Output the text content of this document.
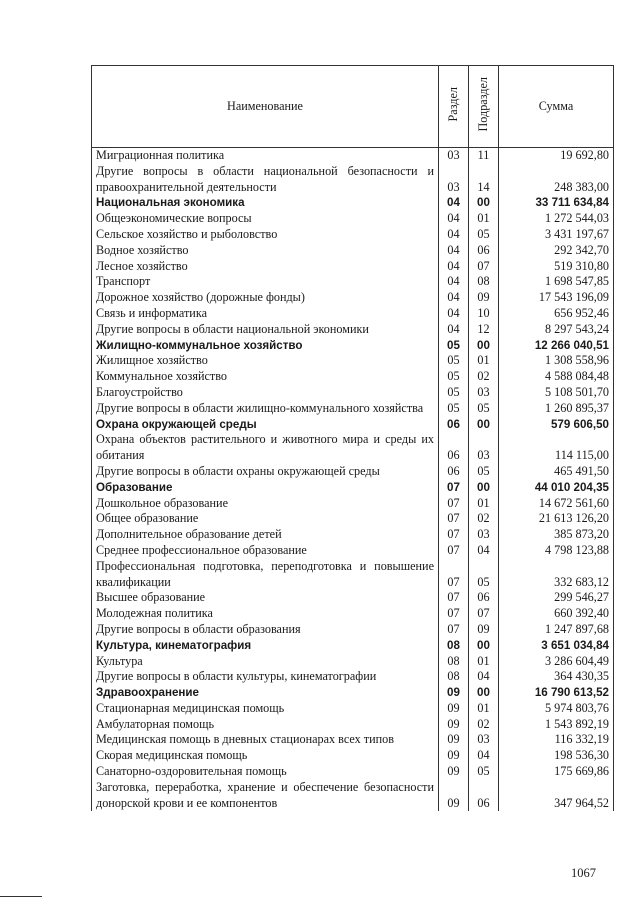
Наименование	Раздел	Подраздел	Сумма
Миграционная политика	03	11	19 692,80
Другие вопросы в области национальной безопасности и правоохранительной деятельности	03	14	248 383,00
Национальная экономика	04	00	33 711 634,84
Общеэкономические вопросы	04	01	1 272 544,03
Сельское хозяйство и рыболовство	04	05	3 431 197,67
Водное хозяйство	04	06	292 342,70
Лесное хозяйство	04	07	519 310,80
Транспорт	04	08	1 698 547,85
Дорожное хозяйство (дорожные фонды)	04	09	17 543 196,09
Связь и информатика	04	10	656 952,46
Другие вопросы в области национальной экономики	04	12	8 297 543,24
Жилищно-коммунальное хозяйство	05	00	12 266 040,51
Жилищное хозяйство	05	01	1 308 558,96
Коммунальное хозяйство	05	02	4 588 084,48
Благоустройство	05	03	5 108 501,70
Другие вопросы в области жилищно-коммунального хозяйства	05	05	1 260 895,37
Охрана окружающей среды	06	00	579 606,50
Охрана объектов растительного и животного мира и среды их обитания	06	03	114 115,00
Другие вопросы в области охраны окружающей среды	06	05	465 491,50
Образование	07	00	44 010 204,35
Дошкольное образование	07	01	14 672 561,60
Общее образование	07	02	21 613 126,20
Дополнительное образование детей	07	03	385 873,20
Среднее профессиональное образование	07	04	4 798 123,88
Профессиональная подготовка, переподготовка и повышение квалификации	07	05	332 683,12
Высшее образование	07	06	299 546,27
Молодежная политика	07	07	660 392,40
Другие вопросы в области образования	07	09	1 247 897,68
Культура, кинематография	08	00	3 651 034,84
Культура	08	01	3 286 604,49
Другие вопросы в области культуры, кинематографии	08	04	364 430,35
Здравоохранение	09	00	16 790 613,52
Стационарная медицинская помощь	09	01	5 974 803,76
Амбулаторная помощь	09	02	1 543 892,19
Медицинская помощь в дневных стационарах всех типов	09	03	116 332,19
Скорая медицинская помощь	09	04	198 536,30
Санаторно-оздоровительная помощь	09	05	175 669,86
Заготовка, переработка, хранение и обеспечение безопасности донорской крови и ее компонентов	09	06	347 964,52
1067
